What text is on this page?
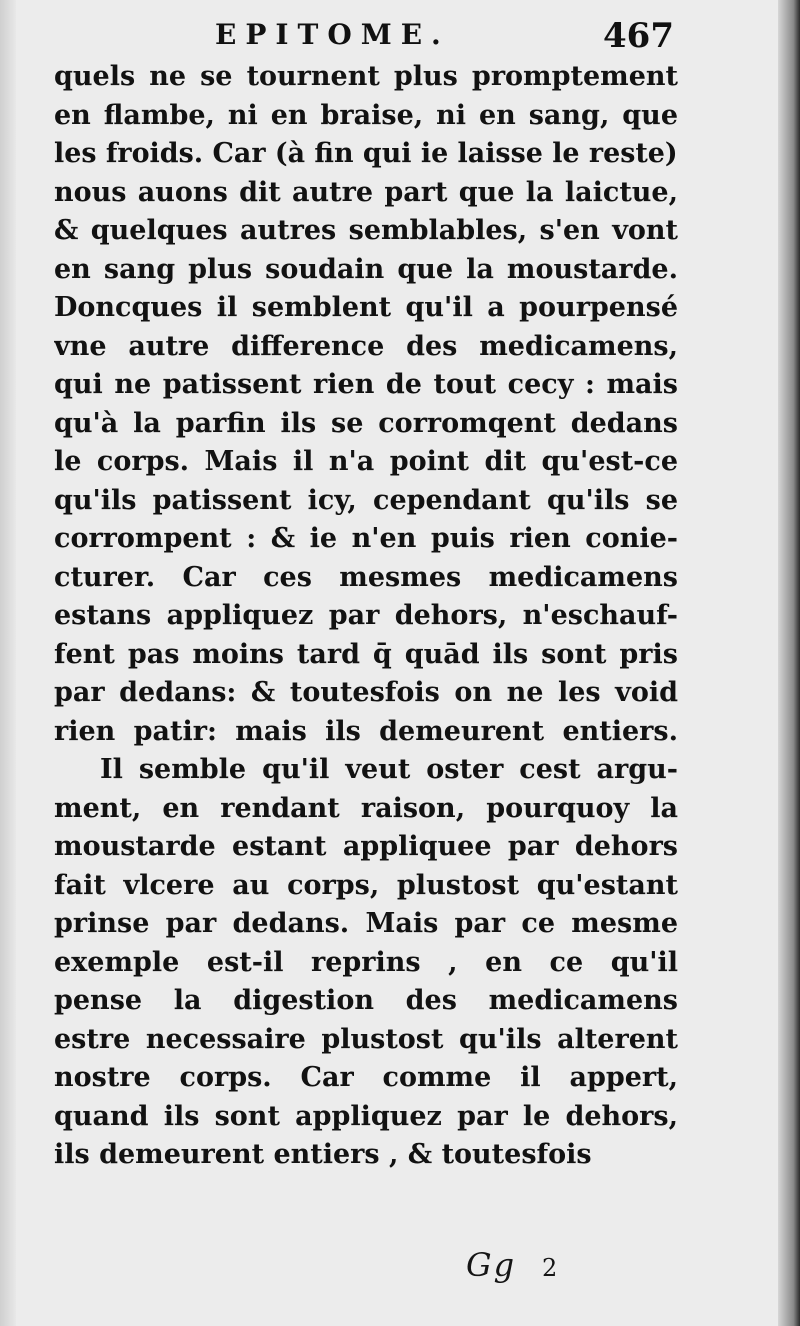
EPITOME.	467
quels ne se tournent plus promptement
en flambe, ni en braise, ni en sang, que
les froids. Car (à fin qui ie laisse le reste)
nous auons dit autre part que la laictue,
& quelques autres semblables, s'en vont
en sang plus soudain que la moustarde.
Doncques il semblent qu'il a pourpensé
vne autre difference des medicamens,
qui ne patissent rien de tout cecy : mais
qu'à la parfin ils se corromqent dedans
le corps. Mais il n'a point dit qu'est-ce
qu'ils patissent icy, cependant qu'ils se
corrompent : & ie n'en puis rien conie-
cturer. Car ces mesmes medicamens
estans appliquez par dehors, n'eschauf-
fent pas moins tard q̄ quād ils sont pris
par dedans: & toutesfois on ne les void
rien patir: mais ils demeurent entiers.
Il semble qu'il veut oster cest argu-
ment, en rendant raison, pourquoy la
moustarde estant appliquee par dehors
fait vlcere au corps, plustost qu'estant
prinse par dedans. Mais par ce mesme
exemple est-il reprins , en ce qu'il
pense la digestion des medicamens
estre necessaire plustost qu'ils alterent
nostre corps. Car comme il appert,
quand ils sont appliquez par le dehors,
ils demeurent entiers , & toutesfois
Gg 2
